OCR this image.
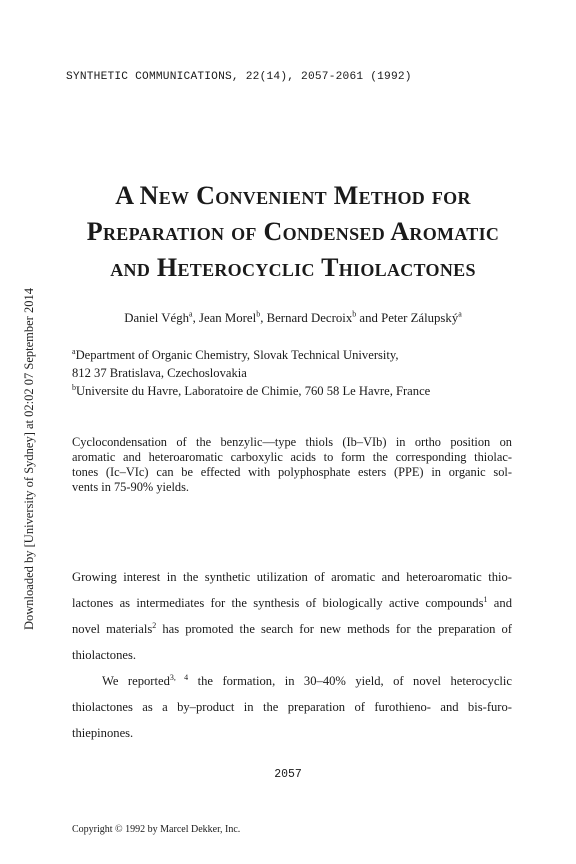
Downloaded by [University of Sydney] at 02:02 07 September 2014
SYNTHETIC COMMUNICATIONS, 22(14), 2057-2061 (1992)
A New Convenient Method for
Preparation of Condensed Aromatic
and Heterocyclic Thiolactones
Daniel Végh$^a$, Jean Morel$^b$, Bernard Decroix$^b$ and Peter Zálupský$^a$
$^a$Department of Organic Chemistry, Slovak Technical University,
812 37 Bratislava, Czechoslovakia
$^b$Universite du Havre, Laboratoire de Chimie, 760 58 Le Havre, France
Cyclocondensation of the benzylic—type thiols (Ib–VIb) in ortho position on
aromatic and heteroaromatic carboxylic acids to form the corresponding thiolac-
tones (Ic–VIc) can be effected with polyphosphate esters (PPE) in organic sol-
vents in 75-90% yields.
Growing interest in the synthetic utilization of aromatic and heteroaromatic thio-
lactones as intermediates for the synthesis of biologically active compounds$^1$ and
novel materials$^2$ has promoted the search for new methods for the preparation of
thiolactones.
We reported$^{3, 4}$ the formation, in 30–40% yield, of novel heterocyclic
thiolactones as a by–product in the preparation of furothieno- and bis-furo-
thiepinones.
2057
Copyright © 1992 by Marcel Dekker, Inc.
